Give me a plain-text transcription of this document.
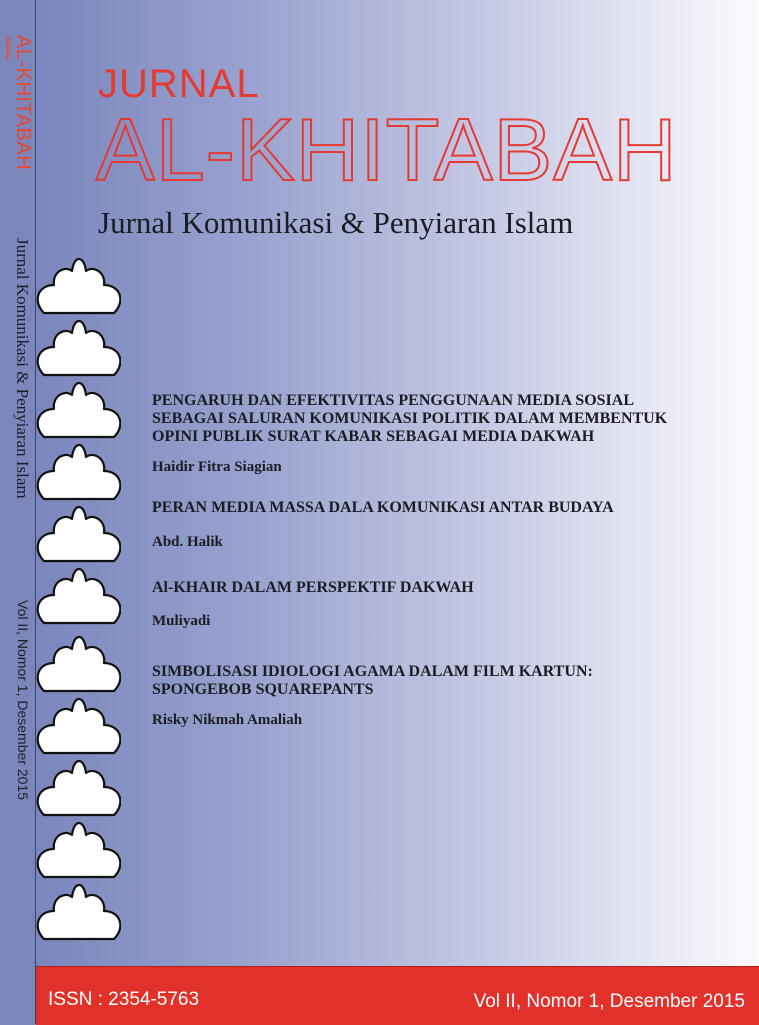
AL-KHITABAH
JURNAL
Jurnal Komunikasi & Penyiaran Islam
Vol II, Nomor 1, Desember 2015
JURNAL
AL-KHITABAH
Jurnal Komunikasi & Penyiaran Islam

PENGARUH DAN EFEKTIVITAS PENGGUNAAN MEDIA SOSIAL
SEBAGAI SALURAN KOMUNIKASI POLITIK DALAM MEMBENTUK
OPINI PUBLIK SURAT KABAR SEBAGAI MEDIA DAKWAH

Haidir Fitra Siagian

PERAN MEDIA MASSA DALA KOMUNIKASI ANTAR BUDAYA

Abd. Halik

Al-KHAIR DALAM PERSPEKTIF DAKWAH

Muliyadi

SIMBOLISASI IDIOLOGI AGAMA DALAM FILM KARTUN:
SPONGEBOB SQUAREPANTS

Risky Nikmah Amaliah
ISSN : 2354-5763	Vol II, Nomor 1, Desember 2015
